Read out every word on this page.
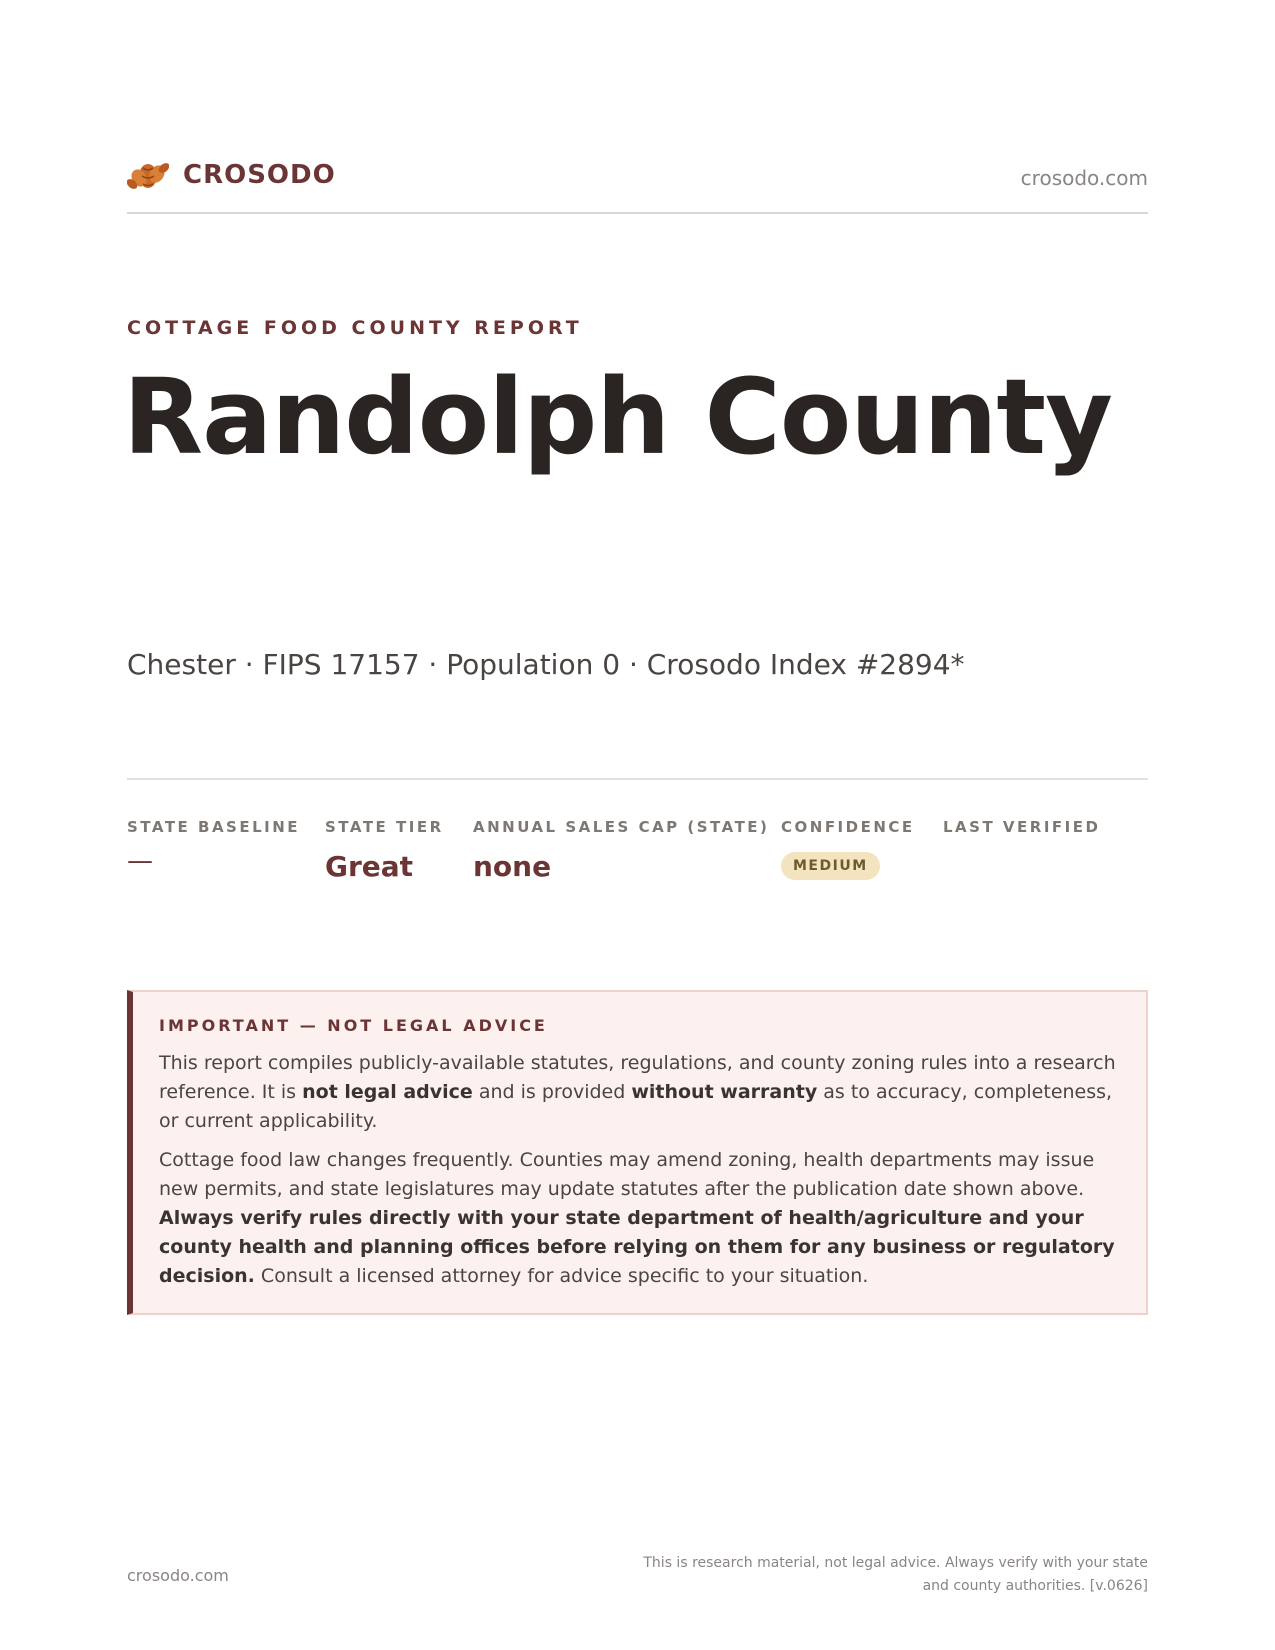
CROSODO	crosodo.com
COTTAGE FOOD COUNTY REPORT
Randolph County
Chester · FIPS 17157 · Population 0 · Crosodo Index #2894*
STATE BASELINE
—
STATE TIER
Great
ANNUAL SALES CAP (STATE)
none
CONFIDENCE
MEDIUM
LAST VERIFIED
IMPORTANT — NOT LEGAL ADVICE

This report compiles publicly-available statutes, regulations, and county zoning rules into a research reference. It is not legal advice and is provided without warranty as to accuracy, completeness, or current applicability.

Cottage food law changes frequently. Counties may amend zoning, health departments may issue new permits, and state legislatures may update statutes after the publication date shown above. Always verify rules directly with your state department of health/agriculture and your county health and planning offices before relying on them for any business or regulatory decision. Consult a licensed attorney for advice specific to your situation.

crosodo.com
This is research material, not legal advice. Always verify with your state
and county authorities. [v.0626]
